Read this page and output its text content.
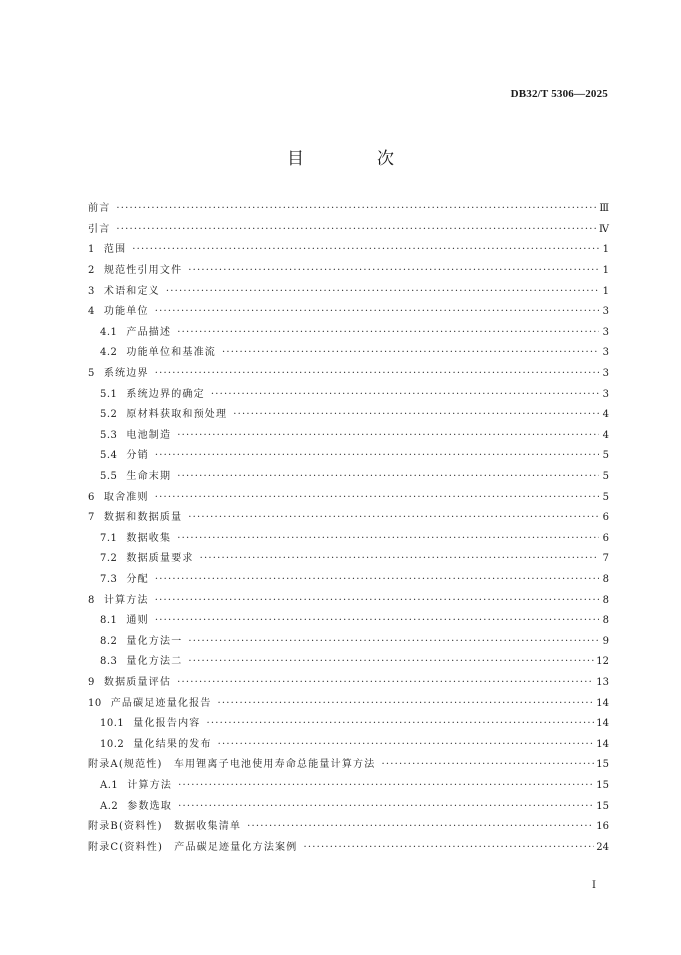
DB32/T 5306—2025
目　次
前言 ·····	Ⅲ
引言 ·····	Ⅳ
1 范围 ·····	1
2 规范性引用文件 ·····	1
3 术语和定义 ·····	1
4 功能单位 ·····	3
4.1 产品描述 ·····	3
4.2 功能单位和基准流 ·····	3
5 系统边界 ·····	3
5.1 系统边界的确定 ·····	3
5.2 原材料获取和预处理 ·····	4
5.3 电池制造 ·····	4
5.4 分销 ·····	5
5.5 生命末期 ·····	5
6 取舍准则 ·····	5
7 数据和数据质量 ·····	6
7.1 数据收集 ·····	6
7.2 数据质量要求 ·····	7
7.3 分配 ·····	8
8 计算方法 ·····	8
8.1 通则 ·····	8
8.2 量化方法一 ·····	9
8.3 量化方法二 ·····	12
9 数据质量评估 ·····	13
10 产品碳足迹量化报告 ·····	14
10.1 量化报告内容 ·····	14
10.2 量化结果的发布 ·····	14
附录A(规范性)　车用锂离子电池使用寿命总能量计算方法 ·····	15
A.1 计算方法 ·····	15
A.2 参数选取 ·····	15
附录B(资料性)　数据收集清单 ·····	16
附录C(资料性)　产品碳足迹量化方法案例 ·····	24
I
